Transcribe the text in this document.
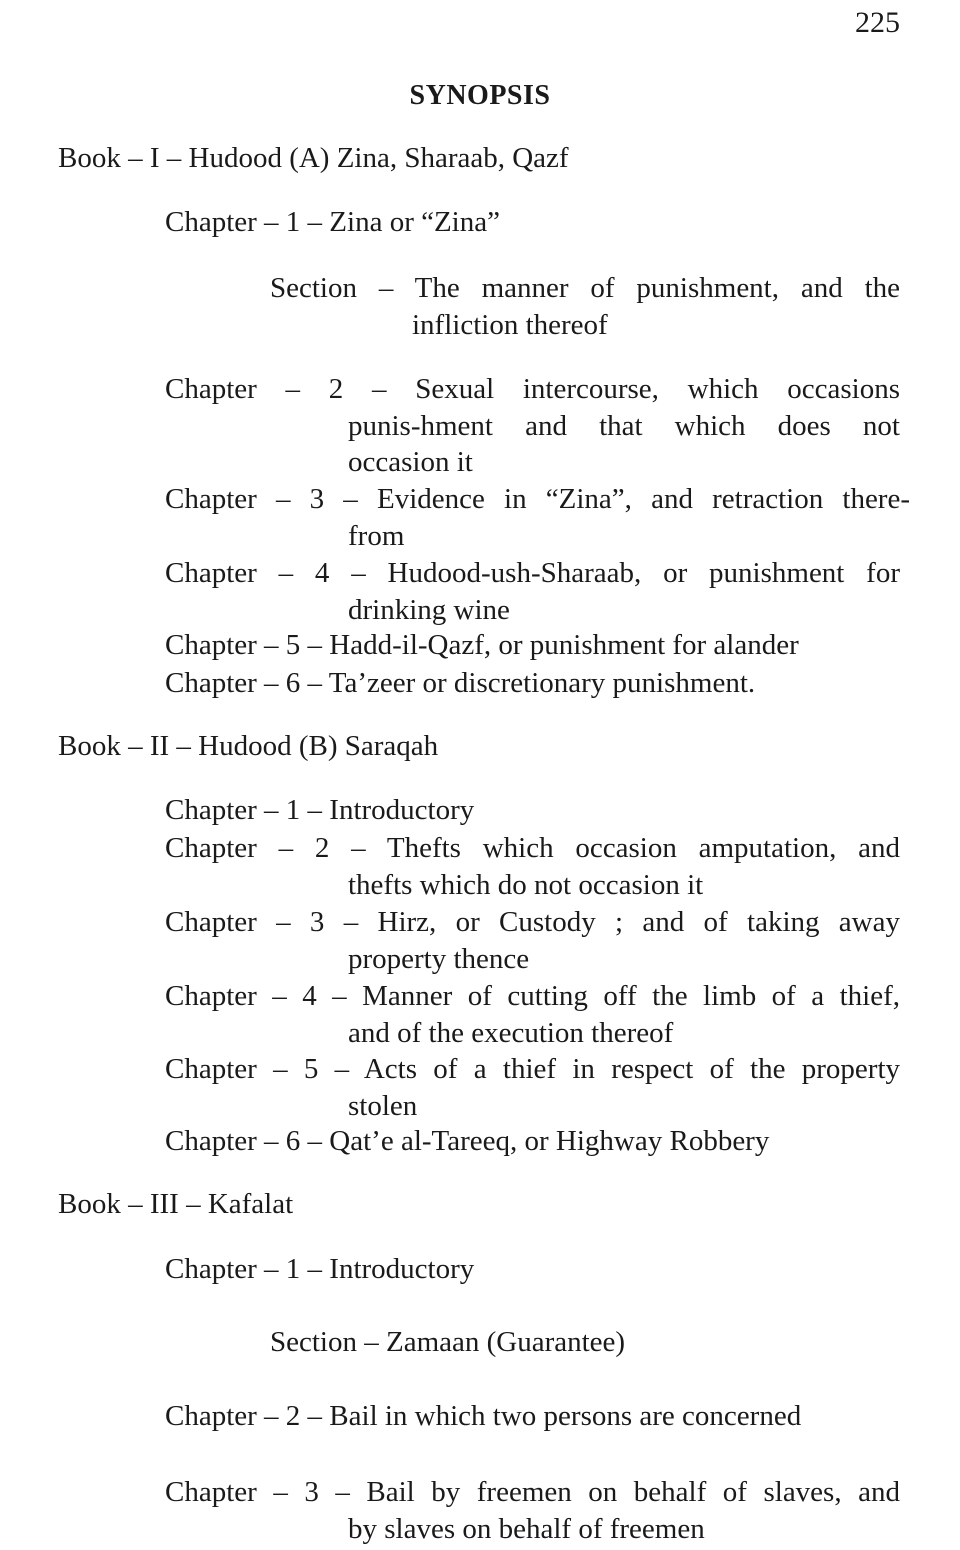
225
SYNOPSIS
Book – I – Hudood (A) Zina, Sharaab, Qazf
Chapter – 1 – Zina or “Zina”
Section – The manner of punishment, and the
infliction thereof
Chapter – 2 – Sexual intercourse, which occasions
punis-hment and that which does not
occasion it
Chapter – 3 – Evidence in “Zina”, and retraction there-
from
Chapter – 4 – Hudood-ush-Sharaab, or punishment for
drinking wine
Chapter – 5 – Hadd-il-Qazf, or punishment for alander
Chapter – 6 – Ta’zeer or discretionary punishment.
Book – II – Hudood (B) Saraqah
Chapter – 1 – Introductory
Chapter – 2 – Thefts which occasion amputation, and
thefts which do not occasion it
Chapter – 3 – Hirz, or Custody ; and of taking away
property thence
Chapter – 4 – Manner of cutting off the limb of a thief,
and of the execution thereof
Chapter – 5 – Acts of a thief in respect of the property
stolen
Chapter – 6 – Qat’e al-Tareeq, or Highway Robbery
Book – III – Kafalat
Chapter – 1 – Introductory
Section – Zamaan (Guarantee)
Chapter – 2 – Bail in which two persons are concerned
Chapter – 3 – Bail by freemen on behalf of slaves, and
by slaves on behalf of freemen
